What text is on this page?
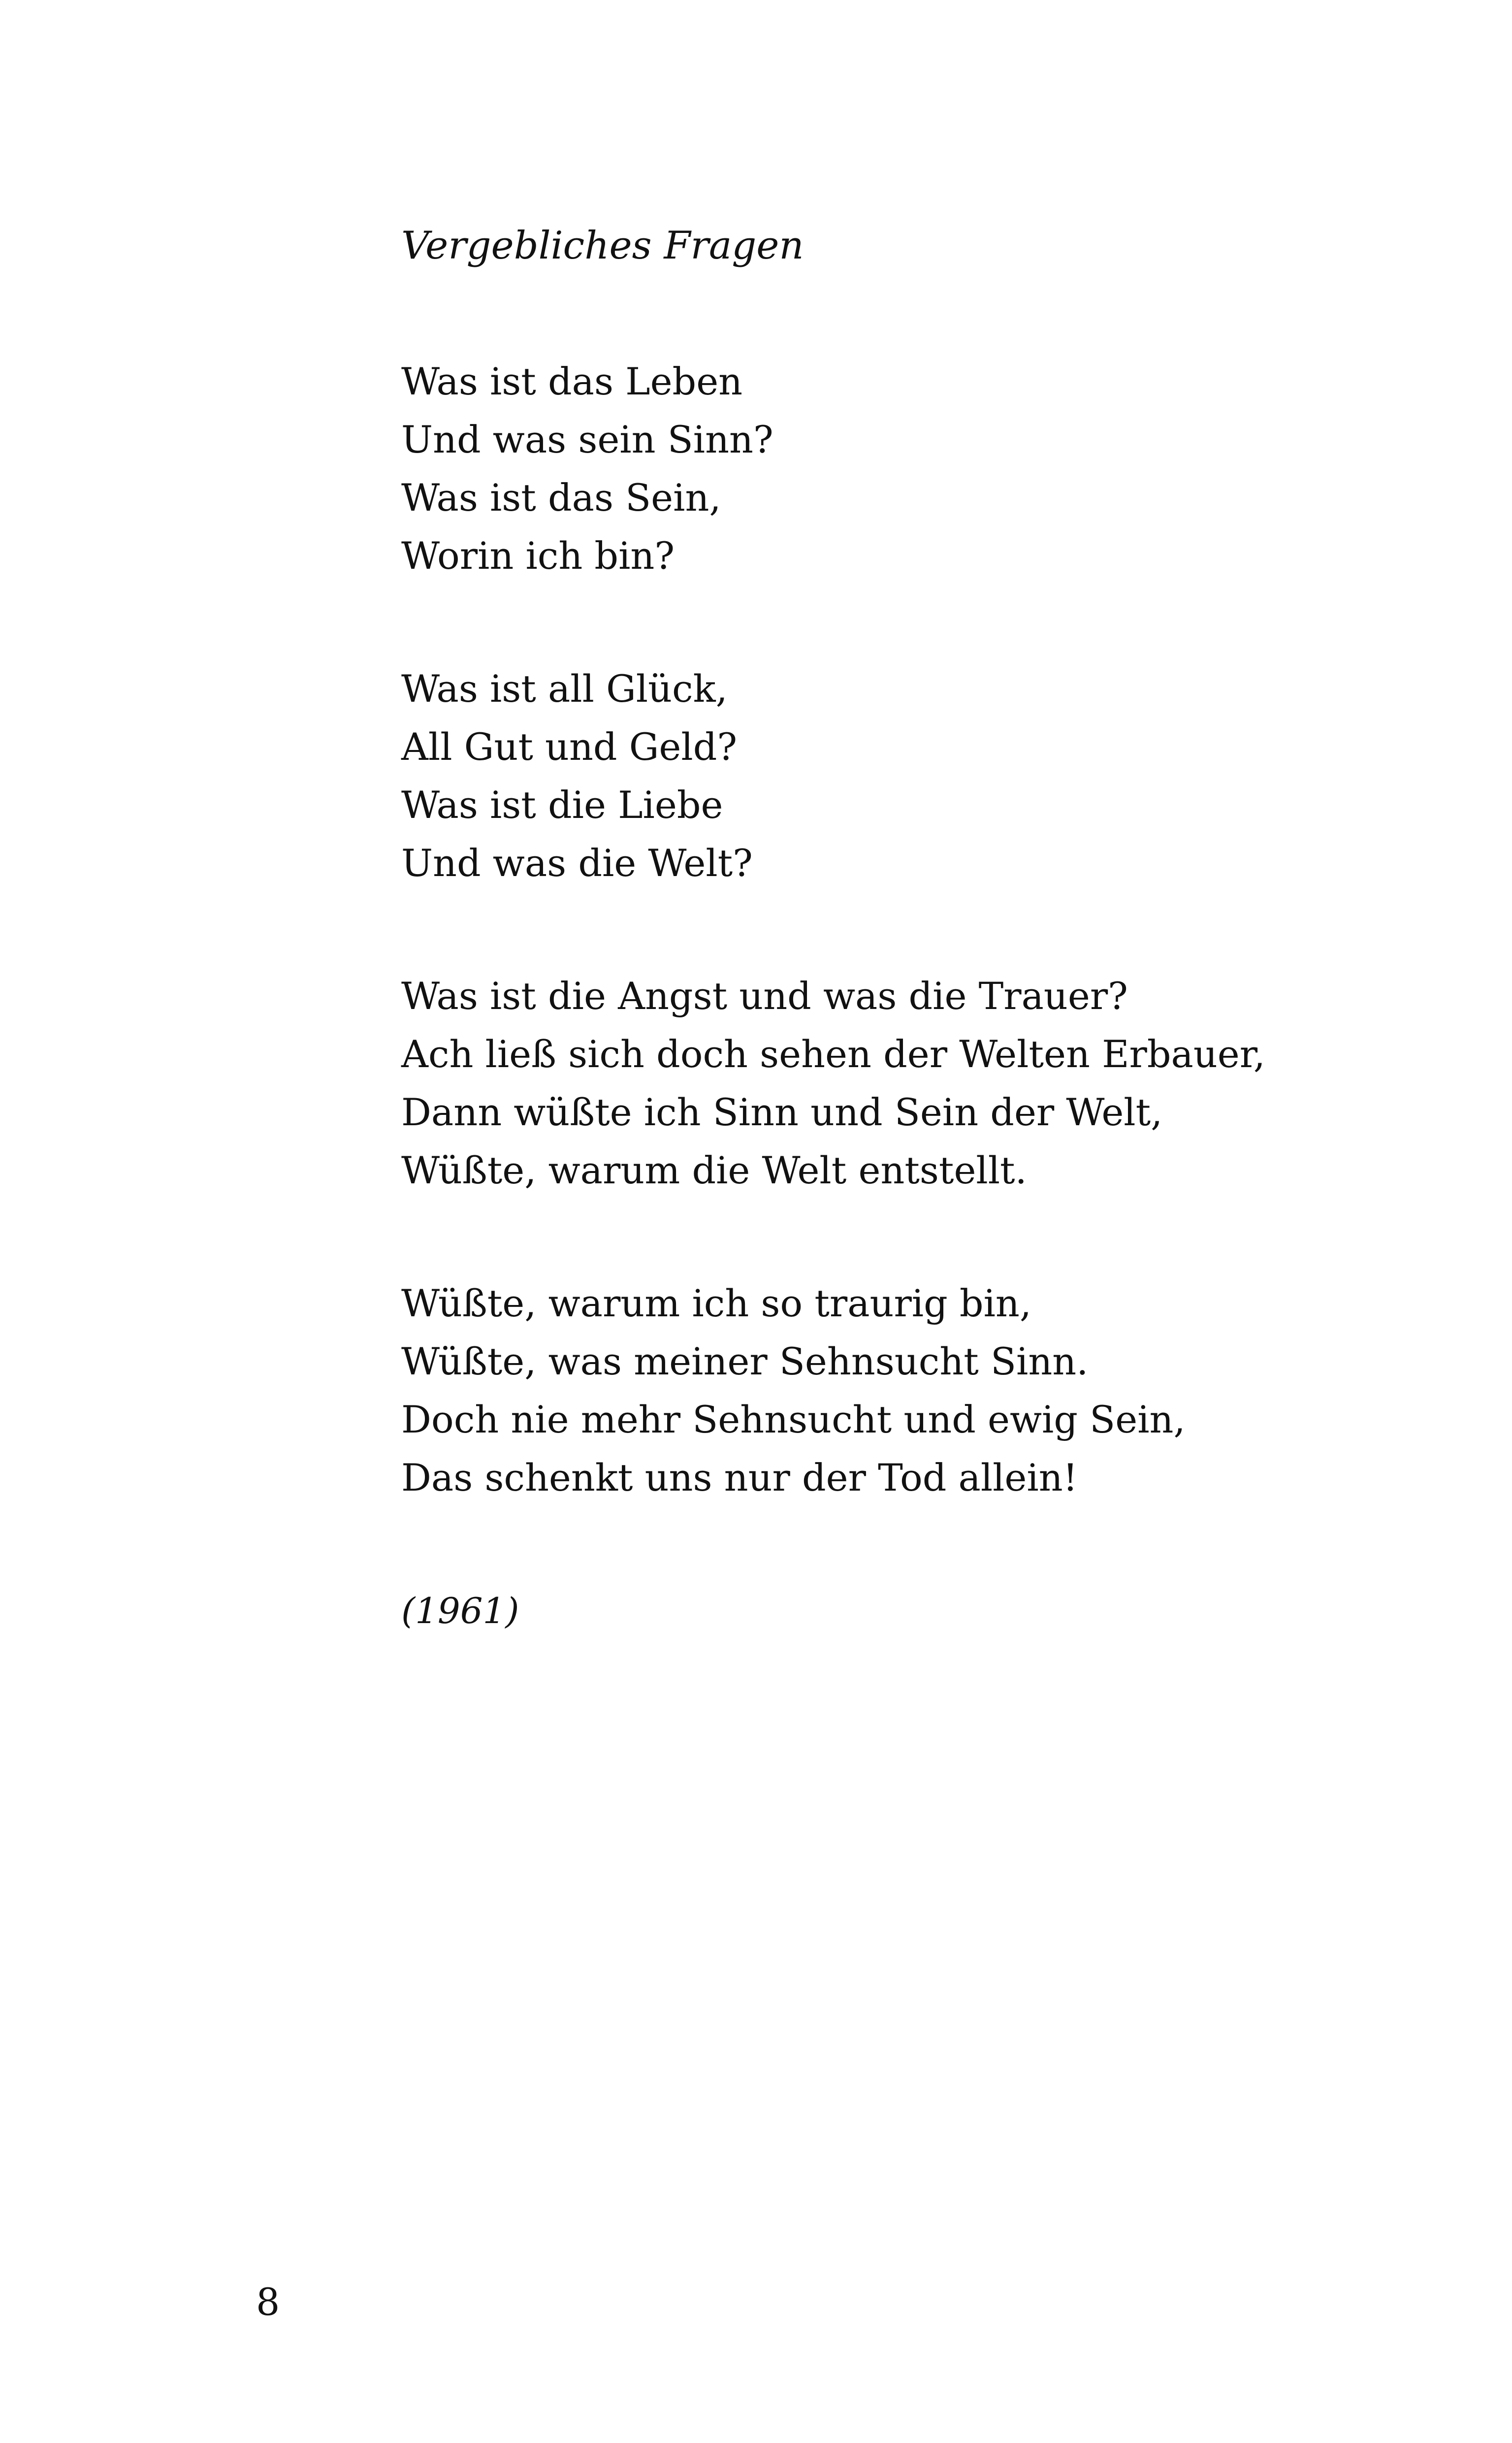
Vergebliches Fragen
Was ist das Leben
Und was sein Sinn?
Was ist das Sein,
Worin ich bin?
Was ist all Glück,
All Gut und Geld?
Was ist die Liebe
Und was die Welt?
Was ist die Angst und was die Trauer?
Ach ließ sich doch sehen der Welten Erbauer,
Dann wüßte ich Sinn und Sein der Welt,
Wüßte, warum die Welt entstellt.
Wüßte, warum ich so traurig bin,
Wüßte, was meiner Sehnsucht Sinn.
Doch nie mehr Sehnsucht und ewig Sein,
Das schenkt uns nur der Tod allein!
(1961)
8
